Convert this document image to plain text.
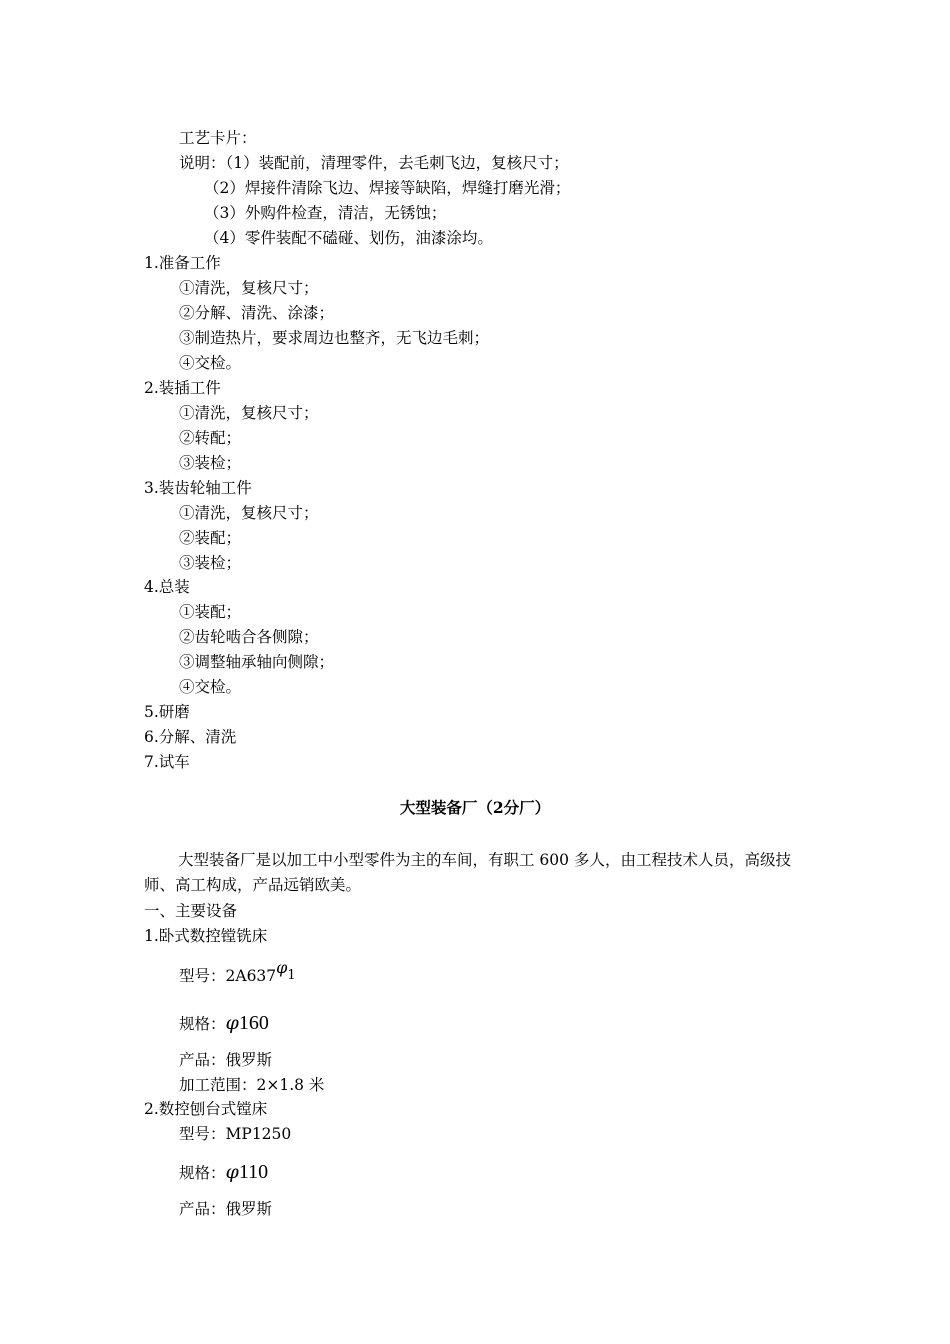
工艺卡片：
说明：（1）装配前，清理零件，去毛刺飞边，复核尺寸；
（2）焊接件清除飞边、焊接等缺陷，焊缝打磨光滑；
（3）外购件检查，清洁，无锈蚀；
（4）零件装配不磕碰、划伤，油漆涂均。
1.准备工作
①清洗，复核尺寸；
②分解、清洗、涂漆；
③制造热片，要求周边也整齐，无飞边毛刺；
④交检。
2.装插工件
①清洗，复核尺寸；
②转配；
③装检；
3.装齿轮轴工件
①清洗，复核尺寸；
②装配；
③装检；
4.总装
①装配；
②齿轮啮合各侧隙；
③调整轴承轴向侧隙；
④交检。
5.研磨
6.分解、清洗
7.试车
大型装备厂（2分厂）
大型装备厂是以加工中小型零件为主的车间，有职工 600 多人，由工程技术人员，高级技师、高工构成，产品远销欧美。
一、主要设备
1.卧式数控镗铣床
型号：2A637φ1
规格：φ160
产品：俄罗斯
加工范围：2×1.8 米
2.数控刨台式镗床
型号：MP1250
规格：φ110
产品：俄罗斯
